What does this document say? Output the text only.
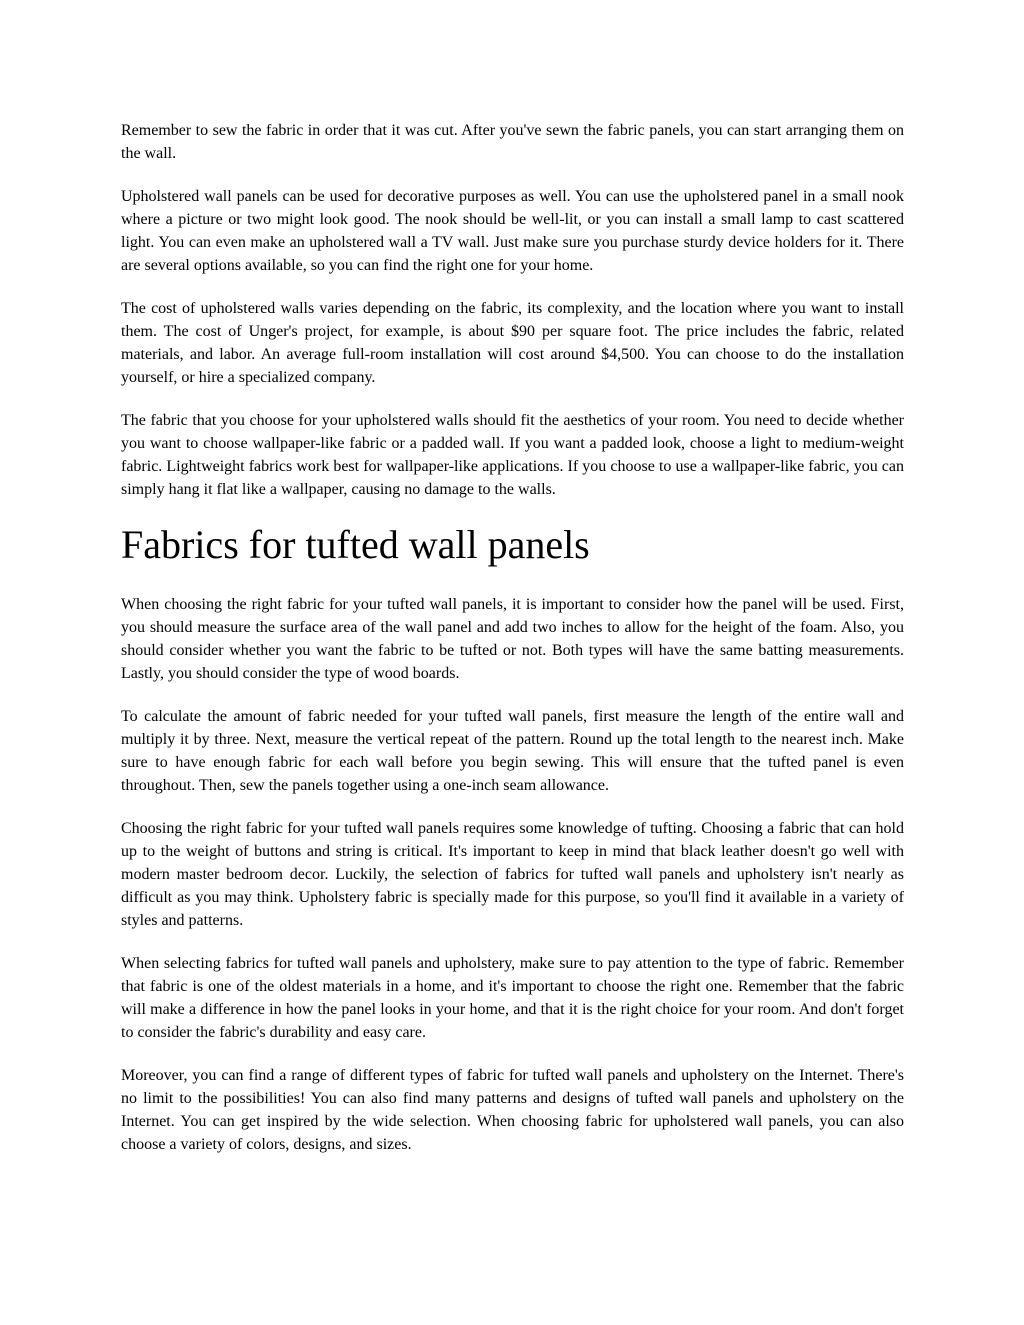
Remember to sew the fabric in order that it was cut. After you've sewn the fabric panels, you can start arranging them on the wall.

Upholstered wall panels can be used for decorative purposes as well. You can use the upholstered panel in a small nook where a picture or two might look good. The nook should be well-lit, or you can install a small lamp to cast scattered light. You can even make an upholstered wall a TV wall. Just make sure you purchase sturdy device holders for it. There are several options available, so you can find the right one for your home.

The cost of upholstered walls varies depending on the fabric, its complexity, and the location where you want to install them. The cost of Unger's project, for example, is about $90 per square foot. The price includes the fabric, related materials, and labor. An average full-room installation will cost around $4,500. You can choose to do the installation yourself, or hire a specialized company.

The fabric that you choose for your upholstered walls should fit the aesthetics of your room. You need to decide whether you want to choose wallpaper-like fabric or a padded wall. If you want a padded look, choose a light to medium-weight fabric. Lightweight fabrics work best for wallpaper-like applications. If you choose to use a wallpaper-like fabric, you can simply hang it flat like a wallpaper, causing no damage to the walls.

Fabrics for tufted wall panels

When choosing the right fabric for your tufted wall panels, it is important to consider how the panel will be used. First, you should measure the surface area of the wall panel and add two inches to allow for the height of the foam. Also, you should consider whether you want the fabric to be tufted or not. Both types will have the same batting measurements. Lastly, you should consider the type of wood boards.

To calculate the amount of fabric needed for your tufted wall panels, first measure the length of the entire wall and multiply it by three. Next, measure the vertical repeat of the pattern. Round up the total length to the nearest inch. Make sure to have enough fabric for each wall before you begin sewing. This will ensure that the tufted panel is even throughout. Then, sew the panels together using a one-inch seam allowance.

Choosing the right fabric for your tufted wall panels requires some knowledge of tufting. Choosing a fabric that can hold up to the weight of buttons and string is critical. It's important to keep in mind that black leather doesn't go well with modern master bedroom decor. Luckily, the selection of fabrics for tufted wall panels and upholstery isn't nearly as difficult as you may think. Upholstery fabric is specially made for this purpose, so you'll find it available in a variety of styles and patterns.

When selecting fabrics for tufted wall panels and upholstery, make sure to pay attention to the type of fabric. Remember that fabric is one of the oldest materials in a home, and it's important to choose the right one. Remember that the fabric will make a difference in how the panel looks in your home, and that it is the right choice for your room. And don't forget to consider the fabric's durability and easy care.

Moreover, you can find a range of different types of fabric for tufted wall panels and upholstery on the Internet. There's no limit to the possibilities! You can also find many patterns and designs of tufted wall panels and upholstery on the Internet. You can get inspired by the wide selection. When choosing fabric for upholstered wall panels, you can also choose a variety of colors, designs, and sizes.
